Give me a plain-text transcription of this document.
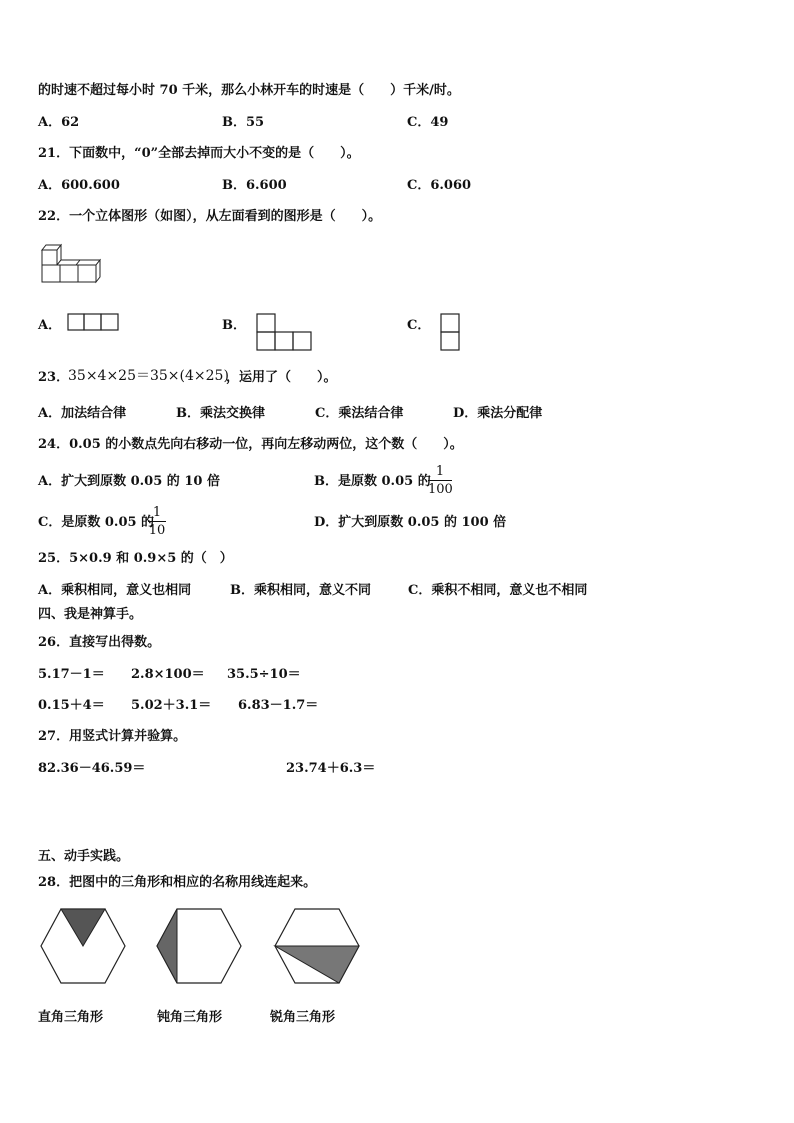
的时速不超过每小时 70 千米，那么小林开车的时速是（　　）千米/时。
A．62	B．55	C．49
21．下面数中，“0”全部去掉而大小不变的是（　　）。
A．600.600	B．6.600	C．6.060
22．一个立体图形（如图），从左面看到的图形是（　　）。
A．	B．	C．
23．
35×4×25＝35×(4×25)
，运用了（　　）。
A．加法结合律	B．乘法交换律	C．乘法结合律	D．乘法分配律
24．0.05 的小数点先向右移动一位，再向左移动两位，这个数（　　）。
A．扩大到原数 0.05 的 10 倍	B．是原数 0.05 的
1
100
C．是原数 0.05 的
1
10
D．扩大到原数 0.05 的 100 倍
25．5×0.9 和 0.9×5 的（　）
A．乘积相同，意义也相同	B．乘积相同，意义不同	C．乘积不相同，意义也不相同
四、我是神算手。
26．直接写出得数。
5.17－1＝ 2.8×100＝ 35.5÷10＝
0.15＋4＝ 5.02＋3.1＝ 6.83－1.7＝
27．用竖式计算并验算。
82.36－46.59＝	23.74＋6.3＝
五、动手实践。
28．把图中的三角形和相应的名称用线连起来。
直角三角形	钝角三角形	锐角三角形
